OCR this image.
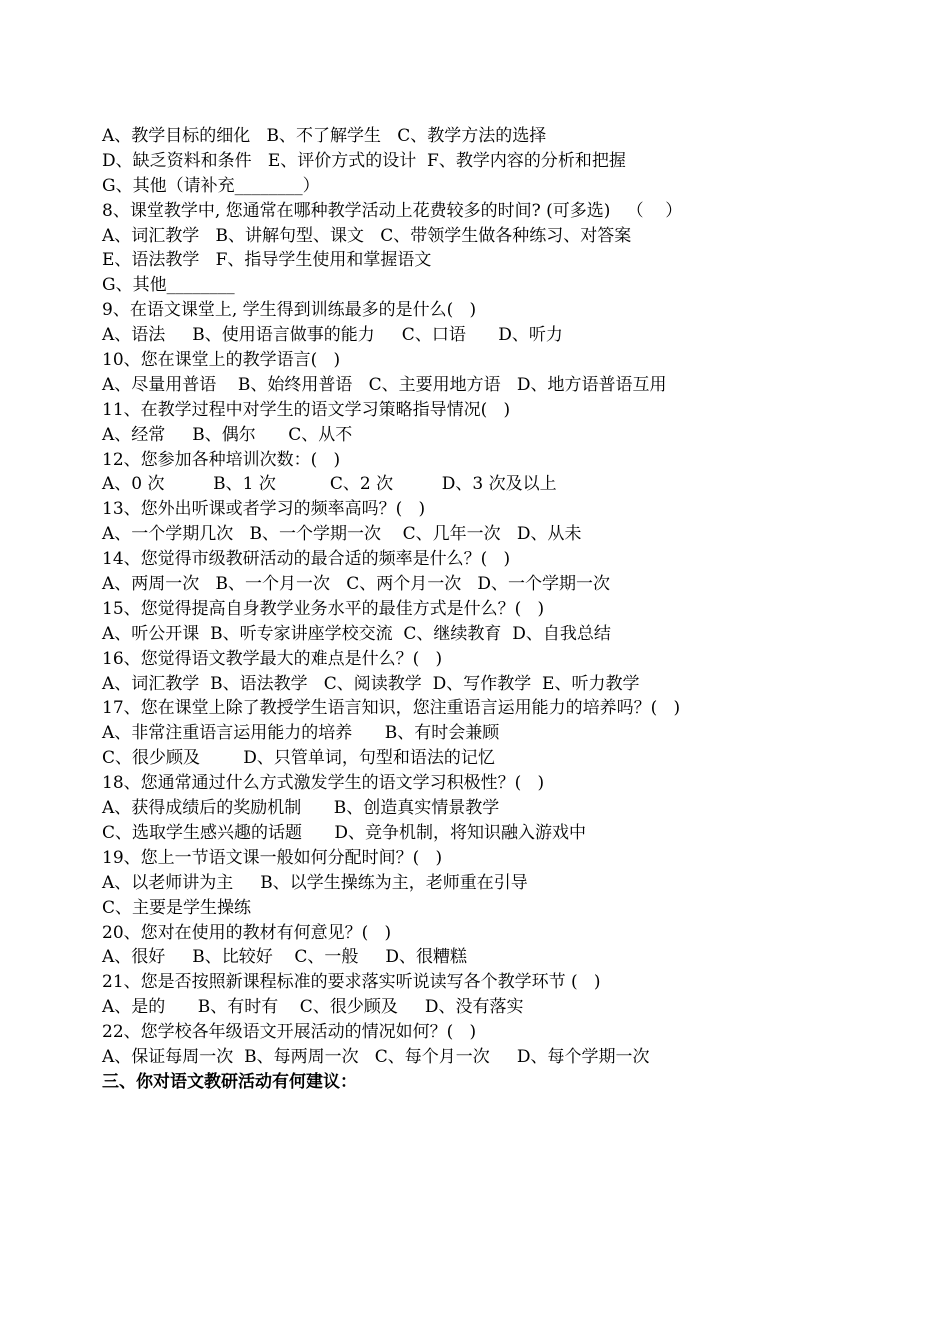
A、教学目标的细化   B、不了解学生   C、教学方法的选择
D、缺乏资料和条件   E、评价方式的设计  F、教学内容的分析和把握
G、其他（请补充________）
8、课堂教学中, 您通常在哪种教学活动上花费较多的时间? (可多选)   （    ）
A、词汇教学   B、讲解句型、课文   C、带领学生做各种练习、对答案
E、语法教学   F、指导学生使用和掌握语文
G、其他________
9、在语文课堂上, 学生得到训练最多的是什么(   )
A、语法     B、使用语言做事的能力     C、口语      D、听力
10、您在课堂上的教学语言(   )
A、尽量用普语    B、始终用普语   C、主要用地方语   D、地方语普语互用
11、在教学过程中对学生的语文学习策略指导情况(   )
A、经常     B、偶尔      C、从不
12、您参加各种培训次数：(   )
A、0 次         B、1 次          C、2 次         D、3 次及以上
13、您外出听课或者学习的频率高吗？(   )
A、一个学期几次   B、一个学期一次    C、几年一次   D、从未
14、您觉得市级教研活动的最合适的频率是什么？(   )
A、两周一次   B、一个月一次   C、两个月一次   D、一个学期一次
15、您觉得提高自身教学业务水平的最佳方式是什么？(   )
A、听公开课  B、听专家讲座学校交流  C、继续教育  D、自我总结
16、您觉得语文教学最大的难点是什么？(   )
A、词汇教学  B、语法教学   C、阅读教学  D、写作教学  E、听力教学
17、您在课堂上除了教授学生语言知识，您注重语言运用能力的培养吗？(   )
A、非常注重语言运用能力的培养      B、有时会兼顾
C、很少顾及        D、只管单词，句型和语法的记忆
18、您通常通过什么方式激发学生的语文学习积极性？(   )
A、获得成绩后的奖励机制      B、创造真实情景教学
C、选取学生感兴趣的话题      D、竞争机制，将知识融入游戏中
19、您上一节语文课一般如何分配时间？(   )
A、以老师讲为主     B、以学生操练为主，老师重在引导
C、主要是学生操练
20、您对在使用的教材有何意见？(   )
A、很好     B、比较好    C、一般     D、很糟糕
21、您是否按照新课程标准的要求落实听说读写各个教学环节 (   )
A、是的      B、有时有    C、很少顾及     D、没有落实
22、您学校各年级语文开展活动的情况如何？(   )
A、保证每周一次  B、每两周一次   C、每个月一次     D、每个学期一次
三、你对语文教研活动有何建议：
